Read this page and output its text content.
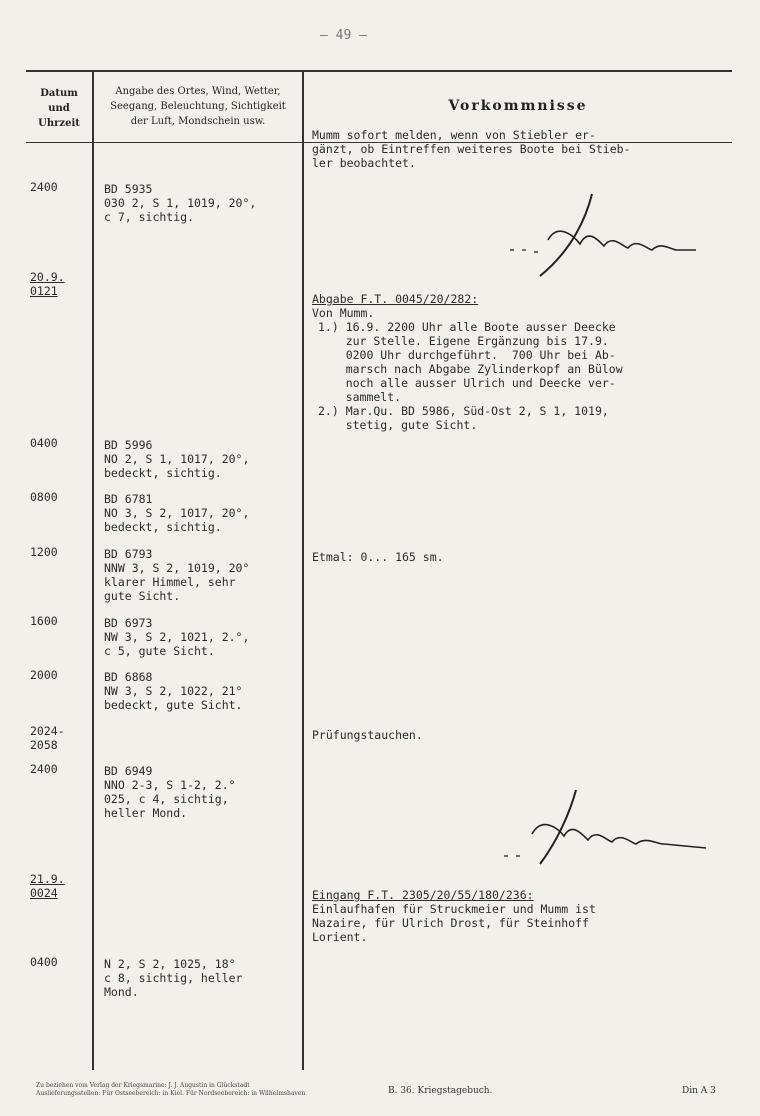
— 49 —
Datum
und
Uhrzeit
Angabe des Ortes, Wind, Wetter,
Seegang, Beleuchtung, Sichtigkeit
der Luft, Mondschein usw.
Vorkommnisse
2400
20.9.
0121
0400
0800
1200
1600
2000
2024-
2058
2400
21.9.
0024
0400
BD 5935
030 2, S 1, 1019, 20°,
c 7, sichtig.
BD 5996
NO 2, S 1, 1017, 20°,
bedeckt, sichtig.
BD 6781
NO 3, S 2, 1017, 20°,
bedeckt, sichtig.
BD 6793
NNW 3, S 2, 1019, 20°
klarer Himmel, sehr
gute Sicht.
BD 6973
NW 3, S 2, 1021, 2.°,
c 5, gute Sicht.
BD 6868
NW 3, S 2, 1022, 21°
bedeckt, gute Sicht.
BD 6949
NNO 2-3, S 1-2, 2.°
025, c 4, sichtig,
heller Mond.
N 2, S 2, 1025, 18°
c 8, sichtig, heller
Mond.
Mumm sofort melden, wenn von Stiebler er-
gänzt, ob Eintreffen weiteres Boote bei Stieb-
ler beobachtet.
Abgabe F.T. 0045/20/282:
Von Mumm.
1.) 16.9. 2200 Uhr alle Boote ausser Deecke
zur Stelle. Eigene Ergänzung bis 17.9.
0200 Uhr durchgeführt.  700 Uhr bei Ab-
marsch nach Abgabe Zylinderkopf an Bülow
noch alle ausser Ulrich und Deecke ver-
sammelt.
2.) Mar.Qu. BD 5986, Süd-Ost 2, S 1, 1019,
stetig, gute Sicht.
Etmal: 0... 165 sm.
Prüfungstauchen.
Eingang F.T. 2305/20/55/180/236:
Einlaufhafen für Struckmeier und Mumm ist
Nazaire, für Ulrich Drost, für Steinhoff
Lorient.
Zu beziehen vom Verlag der Kriegsmarine: J. J. Augustin in Glückstadt
Auslieferungsstellen: Für Ostseebereich: in Kiel. Für Nordseebereich: in Wilhelmshaven	B. 36. Kriegstagebuch.	Din A 3
